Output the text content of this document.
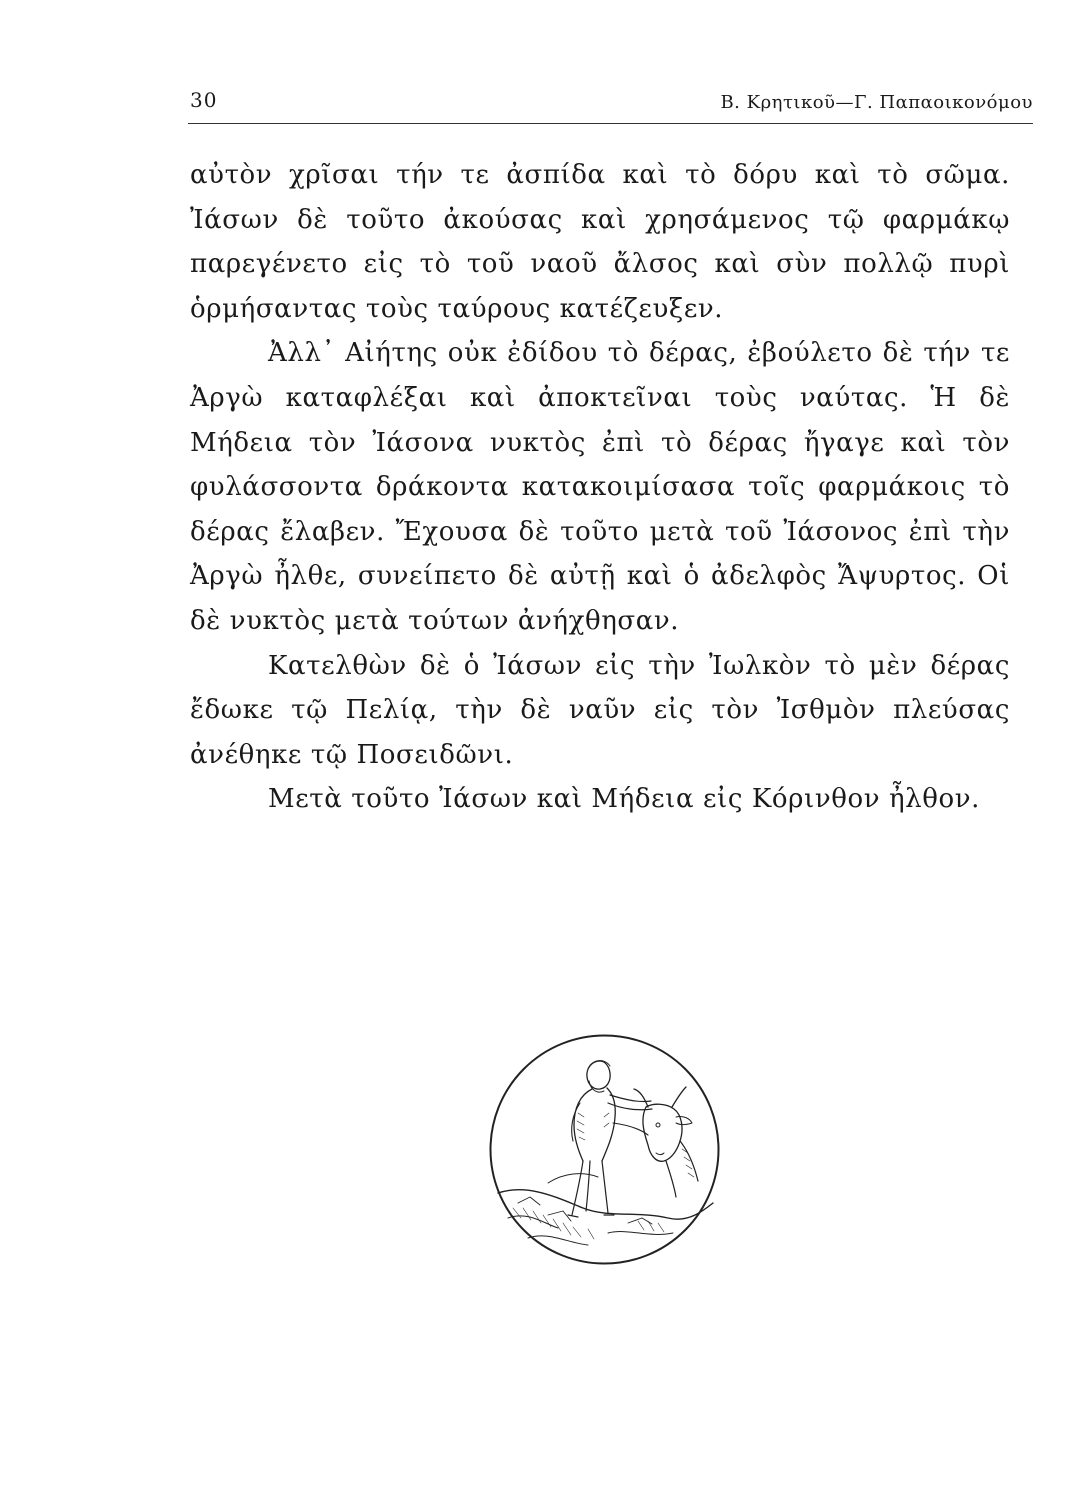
30	Β. Κρητικοῦ—Γ. Παπαοικονόμου

αὐτὸν χρῖσαι τήν τε ἀσπίδα καὶ τὸ δόρυ καὶ τὸ σῶμα. Ἰάσων δὲ τοῦτο ἀκούσας καὶ χρησάμενος τῷ φαρμάκῳ παρεγένετο εἰς τὸ τοῦ ναοῦ ἄλσος καὶ σὺν πολλῷ πυρὶ ὁρμήσαντας τοὺς ταύρους κατέζευξεν.

Ἀλλ᾽ Αἰήτης οὐκ ἐδίδου τὸ δέρας, ἐβούλετο δὲ τήν τε Ἀργὼ καταφλέξαι καὶ ἀποκτεῖναι τοὺς ναύτας. Ἡ δὲ Μήδεια τὸν Ἰάσονα νυκτὸς ἐπὶ τὸ δέρας ἤγαγε καὶ τὸν φυλάσσοντα δράκοντα κατακοιμίσασα τοῖς φαρμάκοις τὸ δέρας ἔλαβεν. Ἔχουσα δὲ τοῦτο μετὰ τοῦ Ἰάσονος ἐπὶ τὴν Ἀργὼ ἦλθε, συνείπετο δὲ αὐτῇ καὶ ὁ ἀδελφὸς Ἄψυρτος. Οἱ δὲ νυκτὸς μετὰ τούτων ἀνήχθησαν.

Κατελθὼν δὲ ὁ Ἰάσων εἰς τὴν Ἰωλκὸν τὸ μὲν δέρας ἔδωκε τῷ Πελίᾳ, τὴν δὲ ναῦν εἰς τὸν Ἰσθμὸν πλεύσας ἀνέθηκε τῷ Ποσειδῶνι.

Μετὰ τοῦτο Ἰάσων καὶ Μήδεια εἰς Κόρινθον ἦλθον.
